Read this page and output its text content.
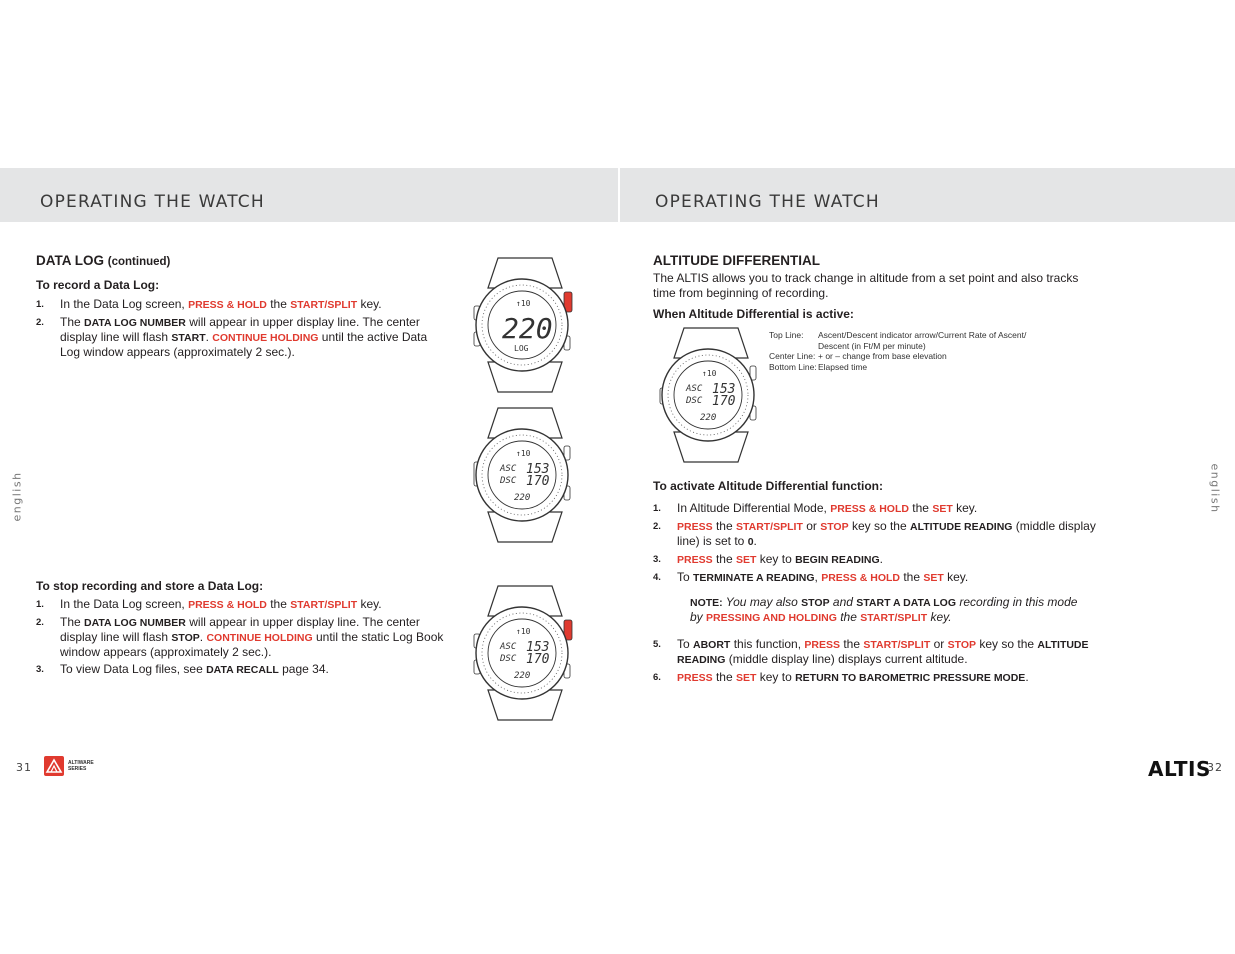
OPERATING THE WATCH	OPERATING THE WATCH
english	english
DATA LOG (continued)
To record a Data Log:
1. In the Data Log screen, PRESS & HOLD the START/SPLIT key.
2. The DATA LOG NUMBER will appear in upper display line. The center display line will flash START. CONTINUE HOLDING until the active Data Log window appears (approximately 2 sec.).
To stop recording and store a Data Log:
1. In the Data Log screen, PRESS & HOLD the START/SPLIT key.
2. The DATA LOG NUMBER will appear in upper display line. The center display line will flash STOP. CONTINUE HOLDING until the static Log Book window appears (approximately 2 sec.).
3. To view Data Log files, see DATA RECALL page 34.
↑10
220
LOG
↑10
ASC 153
DSC 170
220
↑10
ASC 153
DSC 170
220
ALTITUDE DIFFERENTIAL
The ALTIS allows you to track change in altitude from a set point and also tracks time from beginning of recording.
When Altitude Differential is active:
↑10
ASC 153
DSC 170
220
Top Line:	Ascent/Descent indicator arrow/Current Rate of Ascent/ Descent (in Ft/M per minute)
Center Line: + or – change from base elevation
Bottom Line: Elapsed time
To activate Altitude Differential function:
1. In Altitude Differential Mode, PRESS & HOLD the SET key.
2. PRESS the START/SPLIT or STOP key so the ALTITUDE READING (middle display line) is set to 0.
3. PRESS the SET key to BEGIN READING.
4. To TERMINATE A READING, PRESS & HOLD the SET key.
NOTE: You may also STOP and START A DATA LOG recording in this mode by PRESSING AND HOLDING the START/SPLIT key.
5. To ABORT this function, PRESS the START/SPLIT or STOP key so the ALTITUDE READING (middle display line) displays current altitude.
6. PRESS the SET key to RETURN TO BAROMETRIC PRESSURE MODE.
31	ALTIWARE
SERIES	ALTIS
32
